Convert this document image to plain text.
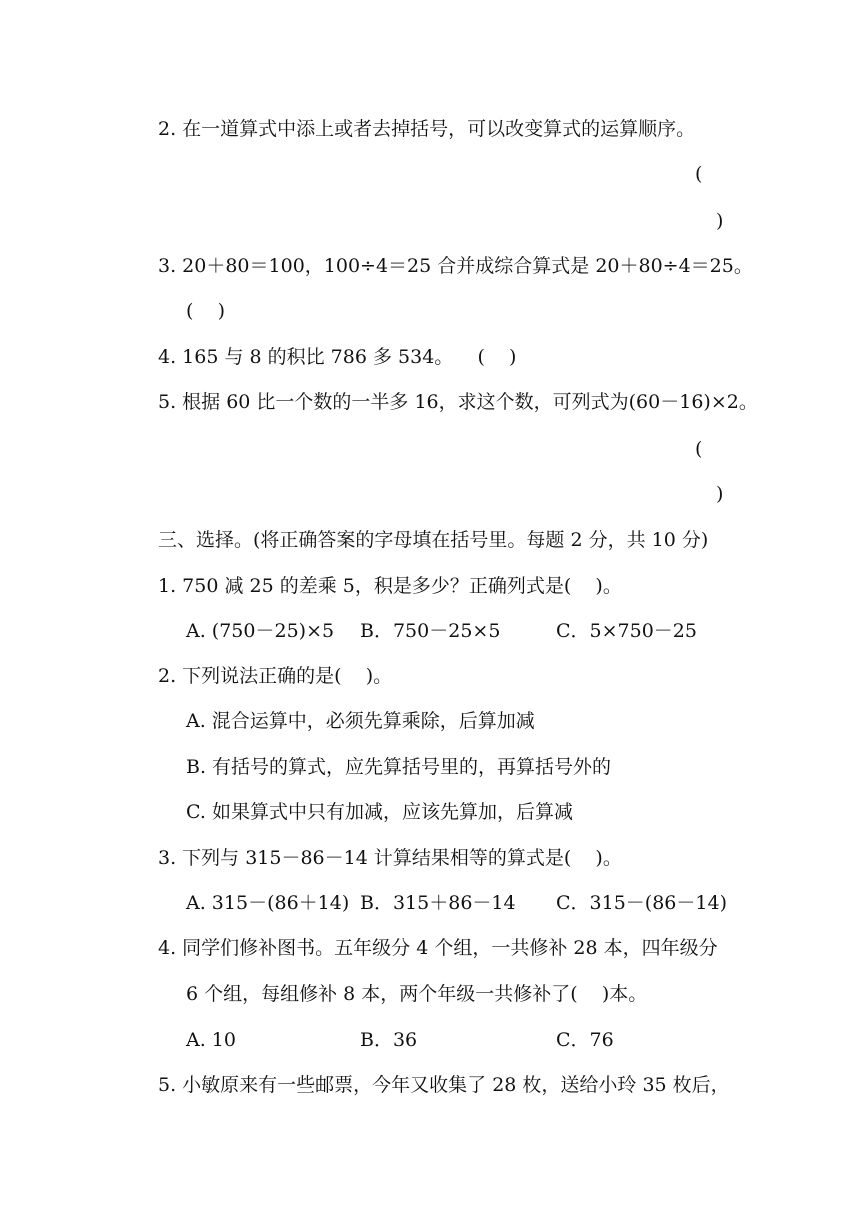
2. 在一道算式中添上或者去掉括号，可以改变算式的运算顺序。
(
)
3. 20＋80＝100，100÷4＝25 合并成综合算式是 20＋80÷4＝25。
(    )
4. 165 与 8 的积比 786 多 534。    (    )
5. 根据 60 比一个数的一半多 16，求这个数，可列式为(60－16)×2。
(
)
三、选择。(将正确答案的字母填在括号里。每题 2 分，共 10 分)
1. 750 减 25 的差乘 5，积是多少？正确列式是(    )。
A. (750－25)×5 B．750－25×5	C．5×750－25
2. 下列说法正确的是(    )。
A. 混合运算中，必须先算乘除，后算加减
B. 有括号的算式，应先算括号里的，再算括号外的
C. 如果算式中只有加减，应该先算加，后算减
3. 下列与 315－86－14 计算结果相等的算式是(    )。
A. 315－(86＋14) B．315＋86－14 C．315－(86－14)
4. 同学们修补图书。五年级分 4 个组，一共修补 28 本，四年级分
6 个组，每组修补 8 本，两个年级一共修补了(    )本。
A. 10	B．36	C．76
5. 小敏原来有一些邮票，今年又收集了 28 枚，送给小玲 35 枚后，
